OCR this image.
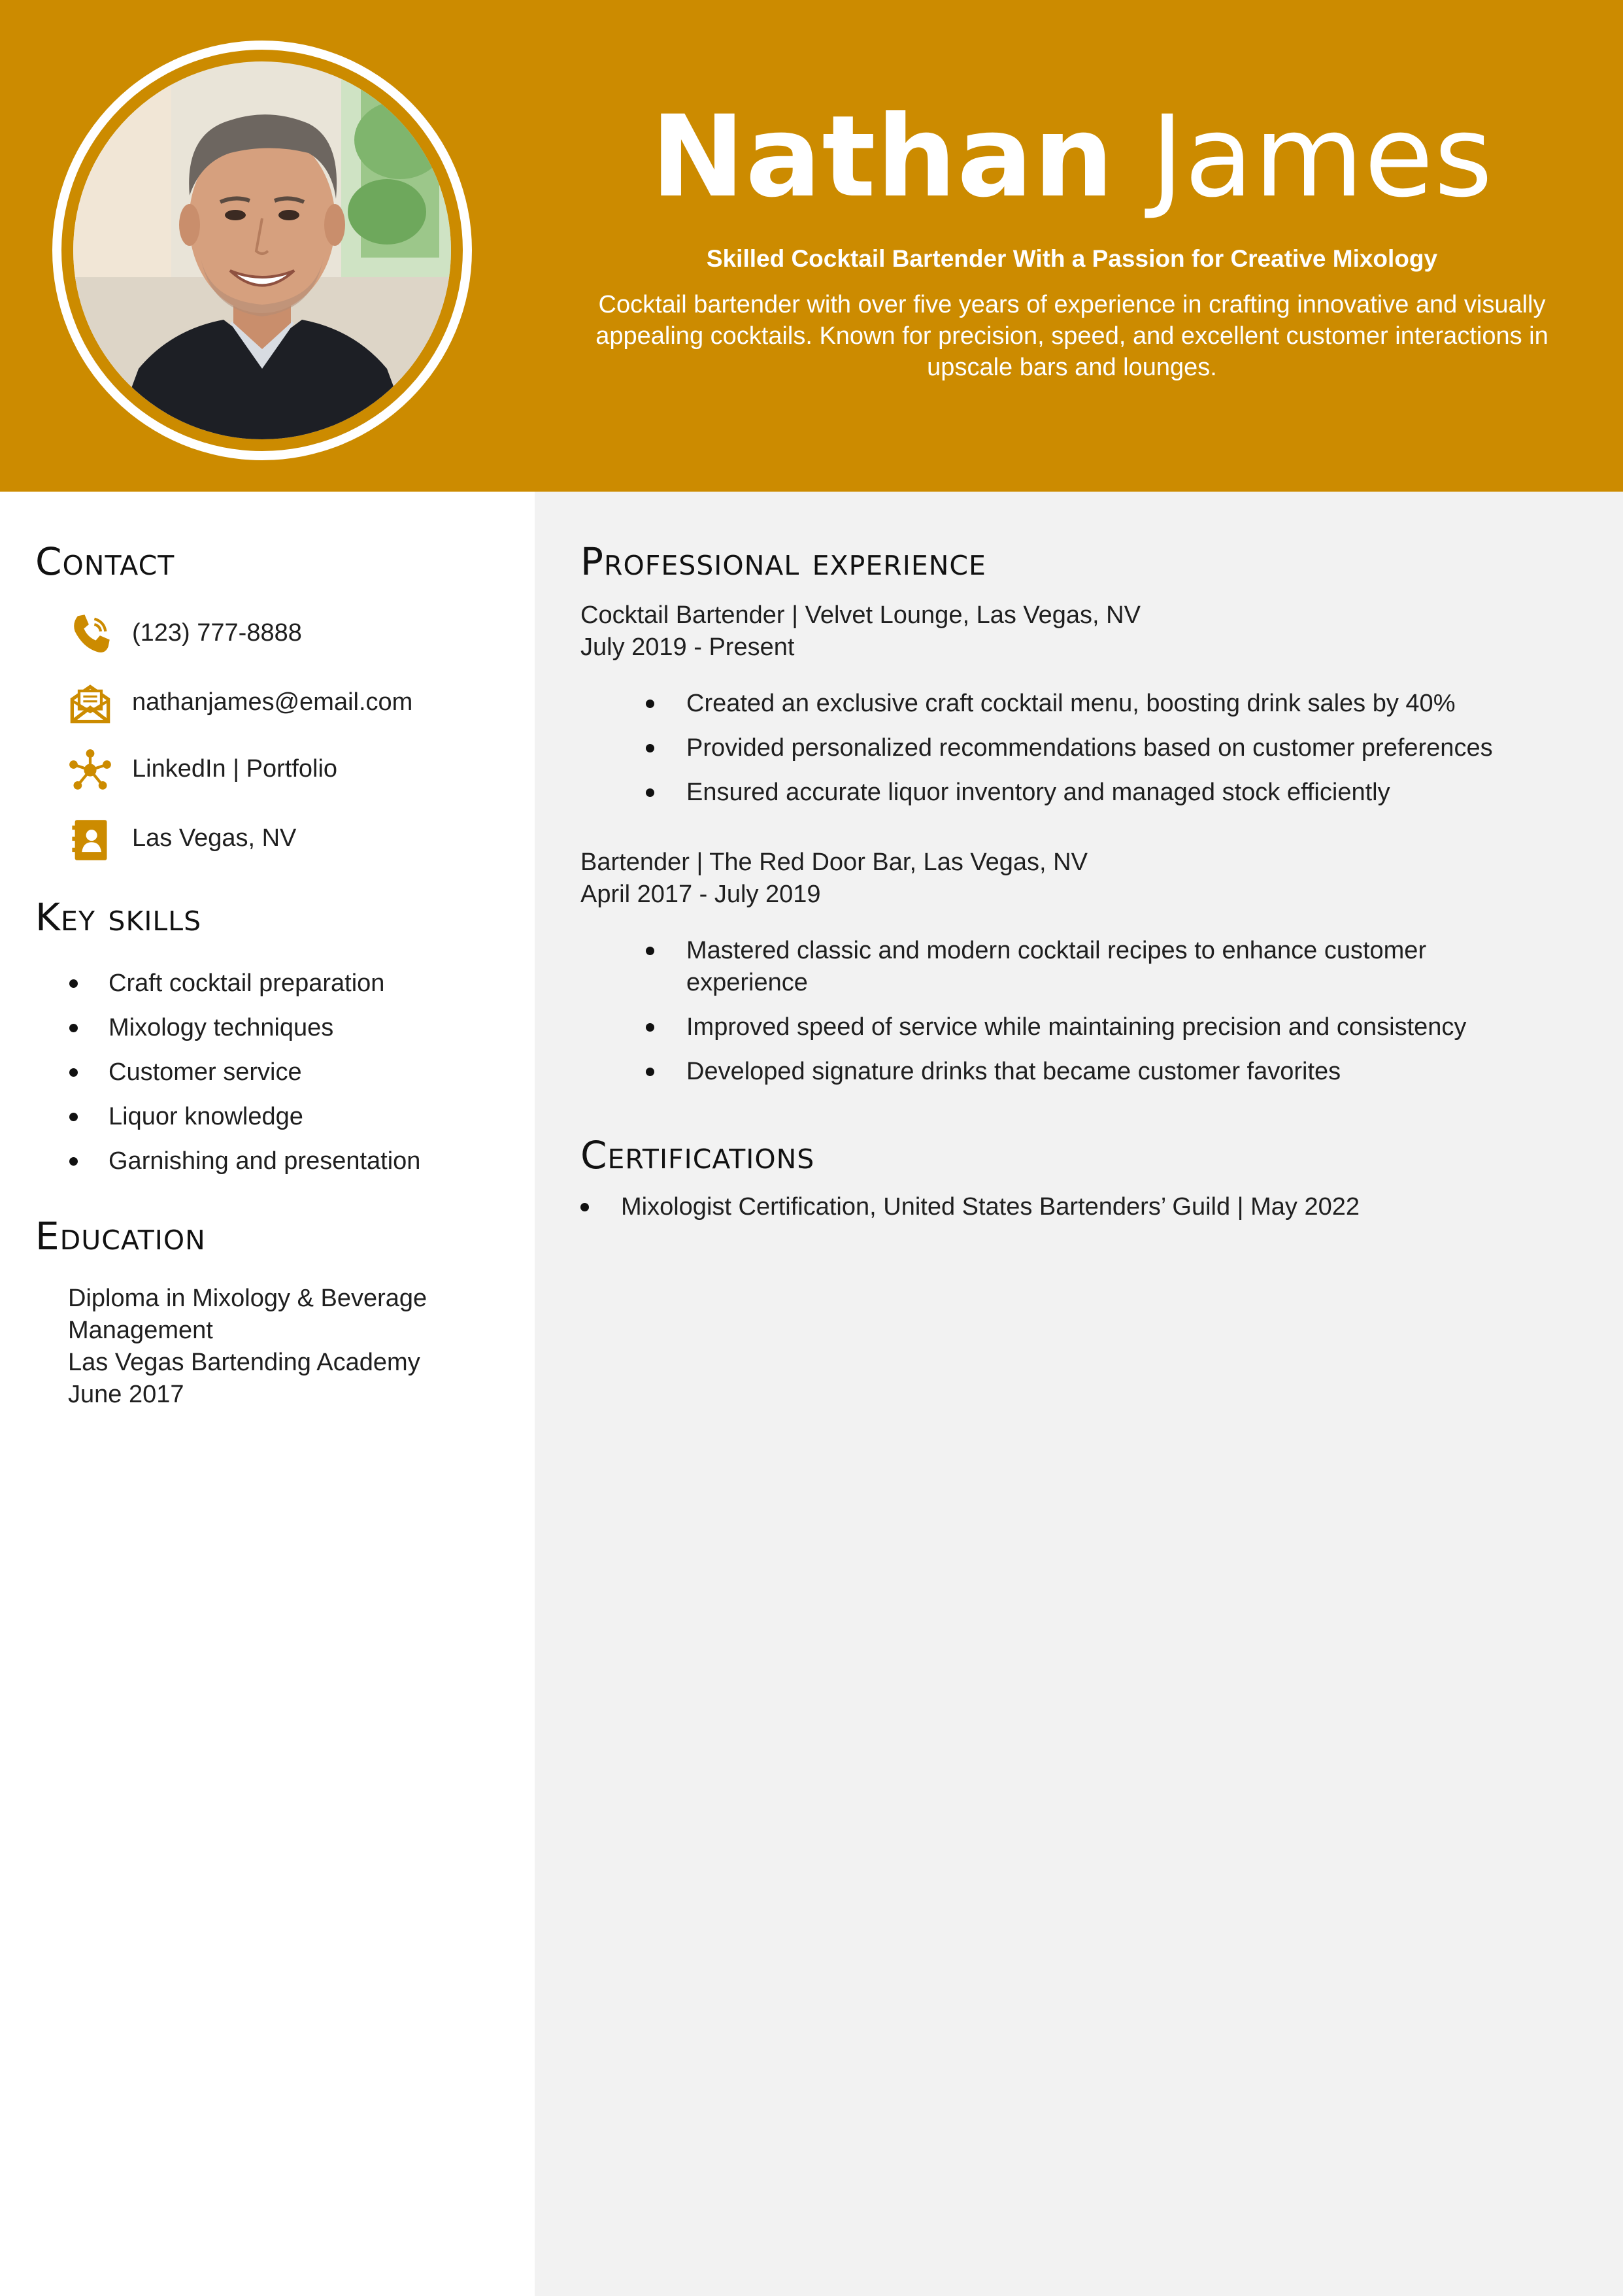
Nathan James
Skilled Cocktail Bartender With a Passion for Creative Mixology
Cocktail bartender with over five years of experience in crafting innovative and visually appealing cocktails. Known for precision, speed, and excellent customer interactions in upscale bars and lounges.
Contact
(123) 777-8888
nathanjames@email.com
LinkedIn | Portfolio
Las Vegas, NV
Key skills
Craft cocktail preparation
Mixology techniques
Customer service
Liquor knowledge
Garnishing and presentation
Education
Diploma in Mixology & Beverage Management
Las Vegas Bartending Academy
June 2017
Professional experience
Cocktail Bartender | Velvet Lounge, Las Vegas, NV
July 2019 - Present
Created an exclusive craft cocktail menu, boosting drink sales by 40%
Provided personalized recommendations based on customer preferences
Ensured accurate liquor inventory and managed stock efficiently
Bartender | The Red Door Bar, Las Vegas, NV
April 2017 - July 2019
Mastered classic and modern cocktail recipes to enhance customer experience
Improved speed of service while maintaining precision and consistency
Developed signature drinks that became customer favorites
Certifications
Mixologist Certification, United States Bartenders’ Guild | May 2022
